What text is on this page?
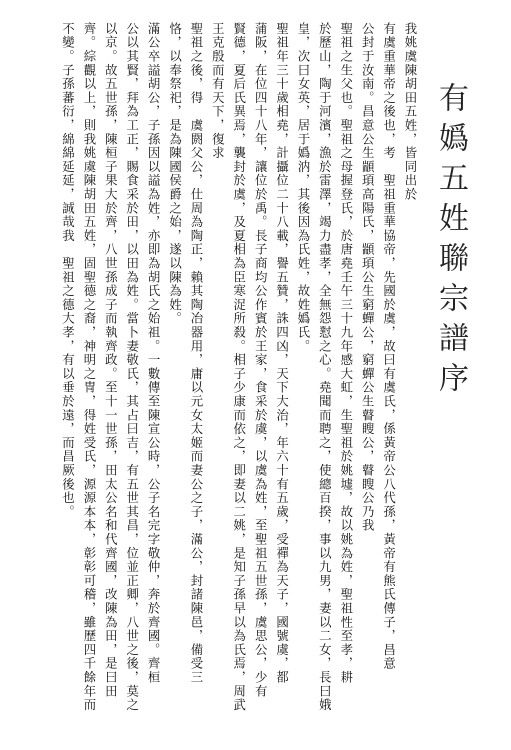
有嬀五姓聯宗譜序
我姚虞陳胡田五姓，皆同出於
有虞重華帝之後也，考　聖祖重華協帝，先國於虞，故曰有虞氏，係黃帝公八代孫，黃帝有熊氏傳子，昌意
公封于汝南。昌意公生顓頊高陽氏，顓頊公生窮蟬公，窮蟬公生瞽瞍公，瞽瞍公乃我
聖祖之生父也。聖祖之母握登氏，於唐堯壬午三十九年感大虹，生聖祖於姚墟，故以姚為姓，聖祖性至孝，耕
於歷山，陶于河濱，漁於雷澤，竭力盡孝，全無怨懟之心。堯聞而聘之，使總百揆，事以九男，妻以二女，長曰娥
皇，次曰女英，居于嬀汭，其後因為氏姓，故姓嬀氏。
聖祖年三十歲相堯，計攝位二十八載，譽五贊，誅四凶，天下大治，年六十有五歲，受禪為天子，國號虞，都
蒲阪，在位四十八年，讓位於禹。長子商均公作賓於王家，食采於虞，以虞為姓，至聖祖五世孫，虞思公，少有
賢德，夏后氏異焉，襲封於虞，及夏相為臣寒浞所殺。相子少康而依之，即妻以二姚，是知子孫早以為氏焉，周武
王克殷而有天下，復求
聖祖之後，得　虞閼父公，仕周為陶正，賴其陶冶器用，庸以元女太姬而妻公之子，滿公，封諸陳邑，備受三
恪，以奉祭祀，是為陳國侯爵之始，遂以陳為姓。
滿公卒謚胡公，子孫因以謚為姓，亦即為胡氏之始祖。一數傳至陳宣公時，公子名完字敬仲，奔於齊國。齊桓
公以其賢，拜為工正，賜食采於田，以田為姓。當卜妻敬氏，其占曰吉，有五世其昌，位並正卿，八世之後，莫之
以京。故五世孫，陳桓子果大於齊，八世孫成子而執齊政。至十一世孫，田太公名和代齊國，改陳為田，是曰田
齊。綜觀以上，則我姚虞陳胡田五姓，固聖德之裔，神明之冑，得姓受氏，源源本本，彰彰可稽，雖歷四千餘年而
不變。子孫蕃衍，綿綿延延，誠哉我　聖祖之德大孝，有以垂於遠，而昌厥後也。
